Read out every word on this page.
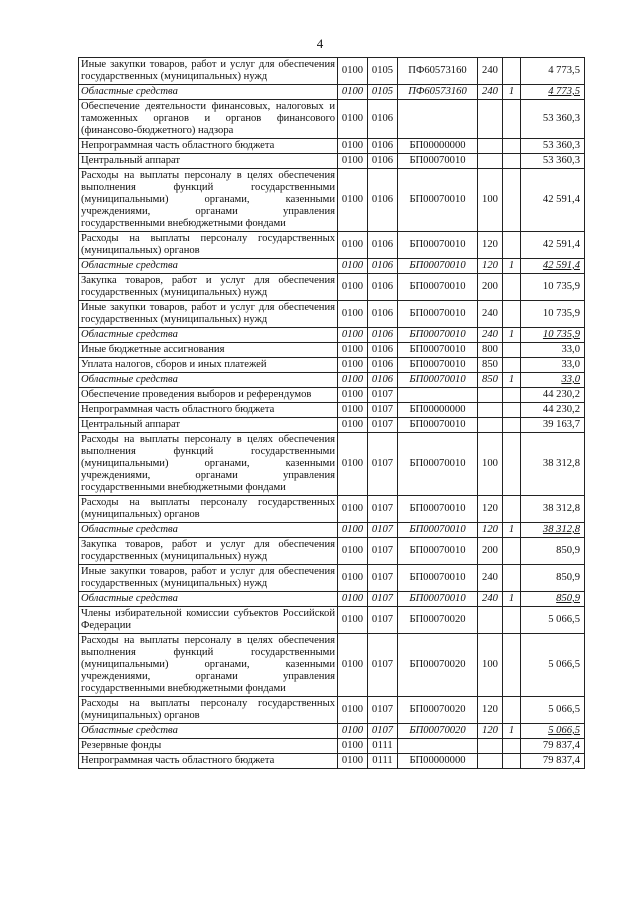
4
Иные закупки товаров, работ и услуг для обеспечения государственных (муниципальных) нужд	0100	0105	ПФ60573160	240		4 773,5
Областные средства	0100	0105	ПФ60573160	240	1	4 773,5
Обеспечение деятельности финансовых, налоговых и таможенных органов и органов финансового (финансово-бюджетного) надзора	0100	0106				53 360,3
Непрограммная часть областного бюджета	0100	0106	БП00000000			53 360,3
Центральный аппарат	0100	0106	БП00070010			53 360,3
Расходы на выплаты персоналу в целях обеспечения выполнения функций государственными (муниципальными) органами, казенными учреждениями, органами управления государственными внебюджетными фондами	0100	0106	БП00070010	100		42 591,4
Расходы на выплаты персоналу государственных (муниципальных) органов	0100	0106	БП00070010	120		42 591,4
Областные средства	0100	0106	БП00070010	120	1	42 591,4
Закупка товаров, работ и услуг для обеспечения государственных (муниципальных) нужд	0100	0106	БП00070010	200		10 735,9
Иные закупки товаров, работ и услуг для обеспечения государственных (муниципальных) нужд	0100	0106	БП00070010	240		10 735,9
Областные средства	0100	0106	БП00070010	240	1	10 735,9
Иные бюджетные ассигнования	0100	0106	БП00070010	800		33,0
Уплата налогов, сборов и иных платежей	0100	0106	БП00070010	850		33,0
Областные средства	0100	0106	БП00070010	850	1	33,0
Обеспечение проведения выборов и референдумов	0100	0107				44 230,2
Непрограммная часть областного бюджета	0100	0107	БП00000000			44 230,2
Центральный аппарат	0100	0107	БП00070010			39 163,7
Расходы на выплаты персоналу в целях обеспечения выполнения функций государственными (муниципальными) органами, казенными учреждениями, органами управления государственными внебюджетными фондами	0100	0107	БП00070010	100		38 312,8
Расходы на выплаты персоналу государственных (муниципальных) органов	0100	0107	БП00070010	120		38 312,8
Областные средства	0100	0107	БП00070010	120	1	38 312,8
Закупка товаров, работ и услуг для обеспечения государственных (муниципальных) нужд	0100	0107	БП00070010	200		850,9
Иные закупки товаров, работ и услуг для обеспечения государственных (муниципальных) нужд	0100	0107	БП00070010	240		850,9
Областные средства	0100	0107	БП00070010	240	1	850,9
Члены избирательной комиссии субъектов Российской Федерации	0100	0107	БП00070020			5 066,5
Расходы на выплаты персоналу в целях обеспечения выполнения функций государственными (муниципальными) органами, казенными учреждениями, органами управления государственными внебюджетными фондами	0100	0107	БП00070020	100		5 066,5
Расходы на выплаты персоналу государственных (муниципальных) органов	0100	0107	БП00070020	120		5 066,5
Областные средства	0100	0107	БП00070020	120	1	5 066,5
Резервные фонды	0100	0111				79 837,4
Непрограммная часть областного бюджета	0100	0111	БП00000000			79 837,4
